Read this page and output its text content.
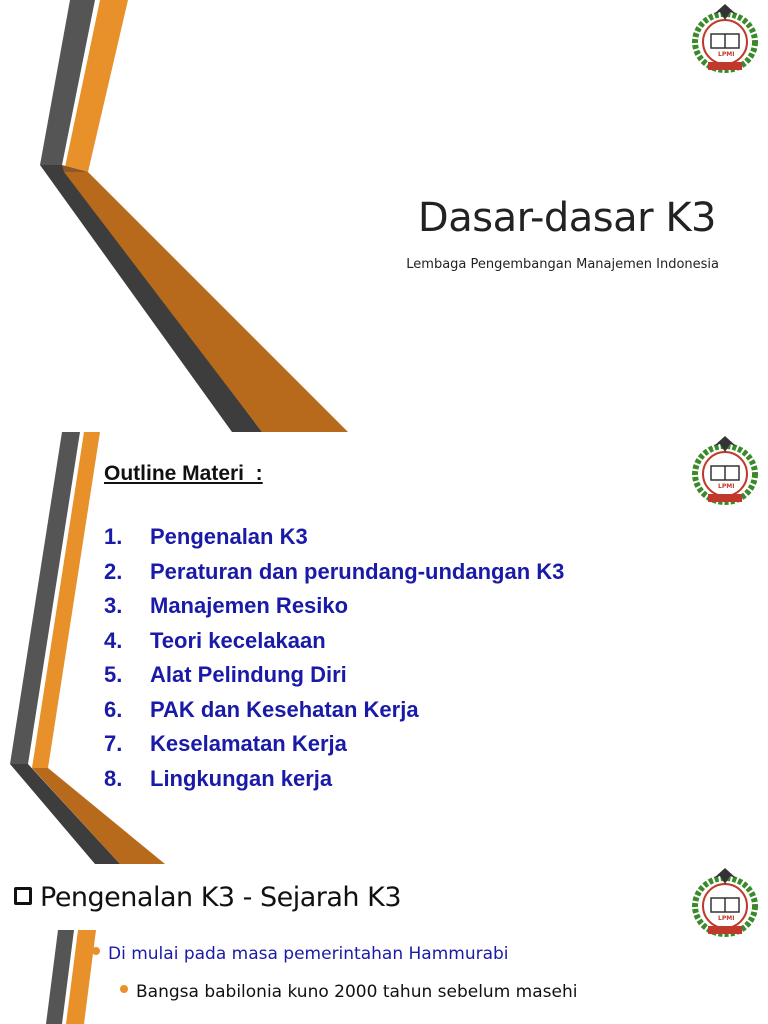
LPMI
Dasar-dasar K3
Lembaga Pengembangan Manajemen Indonesia
LPMI
Outline Materi  :
1. Pengenalan K3
2. Peraturan dan perundang-undangan K3
3. Manajemen Resiko
4. Teori kecelakaan
5. Alat Pelindung Diri
6. PAK dan Kesehatan Kerja
7. Keselamatan Kerja
8. Lingkungan kerja
LPMI
Pengenalan K3 - Sejarah K3
Di mulai pada masa pemerintahan Hammurabi
Bangsa babilonia kuno 2000 tahun sebelum masehi
